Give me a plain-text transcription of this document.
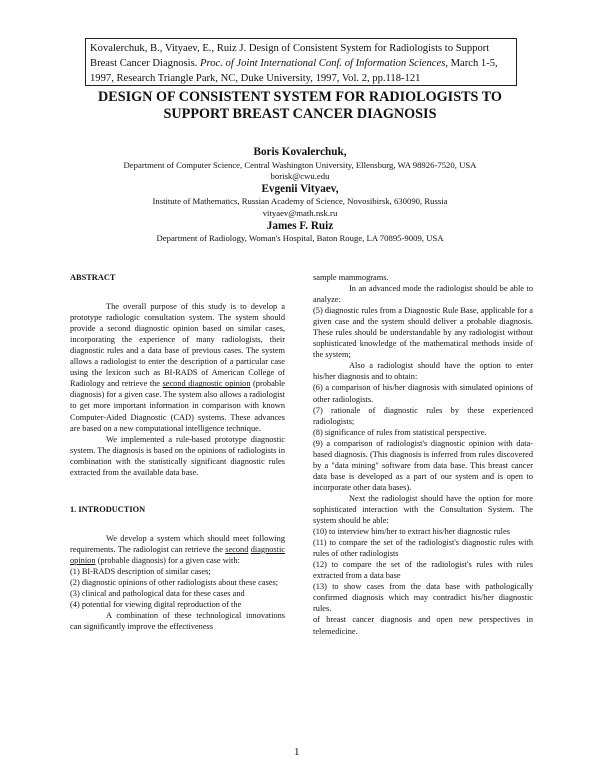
Kovalerchuk, B., Vityaev, E., Ruiz J. Design of Consistent System for Radiologists to Support
Breast Cancer Diagnosis. Proc. of Joint International Conf. of Information Sciences, March 1-5,
1997, Research Triangle Park, NC, Duke University, 1997, Vol. 2, pp.118-121
DESIGN OF CONSISTENT SYSTEM FOR RADIOLOGISTS TO
SUPPORT BREAST CANCER DIAGNOSIS
Boris Kovalerchuk,
Department of Computer Science, Central Washington University, Ellensburg, WA 98926-7520, USA
borisk@cwu.edu
Evgenii Vityaev,
Institute of Mathematics, Russian Academy of Science, Novosibirsk, 630090, Russia
vityaev@math.nsk.ru
James F. Ruiz
Department of Radiology, Woman's Hospital, Baton Rouge, LA 70895-9009, USA
ABSTRACT

The overall purpose of this study is to develop a prototype radiologic consultation system. The system should provide a second diagnostic opinion based on similar cases, incorporating the experience of many radiologists, their diagnostic rules and a data base of previous cases. The system allows a radiologist to enter the description of a particular case using the lexicon such as BI-RADS of American College of Radiology and retrieve the second diagnostic opinion (probable diagnosis) for a given case. The system also allows a radiologist to get more important information in comparison with known Computer-Aided Diagnostic (CAD) systems. These advances are based on a new computational intelligence technique.

We implemented a rule-based prototype diagnostic system. The diagnosis is based on the opinions of radiologists in combination with the statistically significant diagnostic rules extracted from the available data base.

1. INTRODUCTION

We develop a system which should meet following requirements. The radiologist can retrieve the second diagnostic opinion (probable diagnosis) for a given case with:

(1) BI-RADS description of similar cases;
(2) diagnostic opinions of other radiologists about these cases;
(3) clinical and pathological data for these cases and
(4) potential for viewing digital reproduction of the

A combination of these technological innovations can significantly improve the effectiveness

sample mammograms.

In an advanced mode the radiologist should be able to analyze:

(5) diagnostic rules from a Diagnostic Rule Base, applicable for a given case and the system should deliver a probable diagnosis. These rules should be understandable by any radiologist without sophisticated knowledge of the mathematical methods inside of the system;

Also a radiologist should have the option to enter his/her diagnosis and to obtain:

(6) a comparison of his/her diagnosis with simulated opinions of other radiologists.
(7) rationale of diagnostic rules by these experienced radiologists;
(8) significance of rules from statistical perspective.
(9) a comparison of radiologist's diagnostic opinion with data-based diagnosis. (This diagnosis is inferred from rules discovered by a "data mining" software from data base. This breast cancer data base is developed as a part of our system and is open to incorporate other data bases).

Next the radiologist should have the option for more sophisticated interaction with the Consultation System. The system should be able:

(10) to interview him/her to extract his/her diagnostic rules
(11) to compare the set of the radiologist's diagnostic rules with rules of other radiologists
(12) to compare the set of the radiologist's rules with rules extracted from a data base
(13) to show cases from the data base with pathologically confirmed diagnosis which may contradict his/her diagnostic rules.
of breast cancer diagnosis and open new perspectives in telemedicine.
1
